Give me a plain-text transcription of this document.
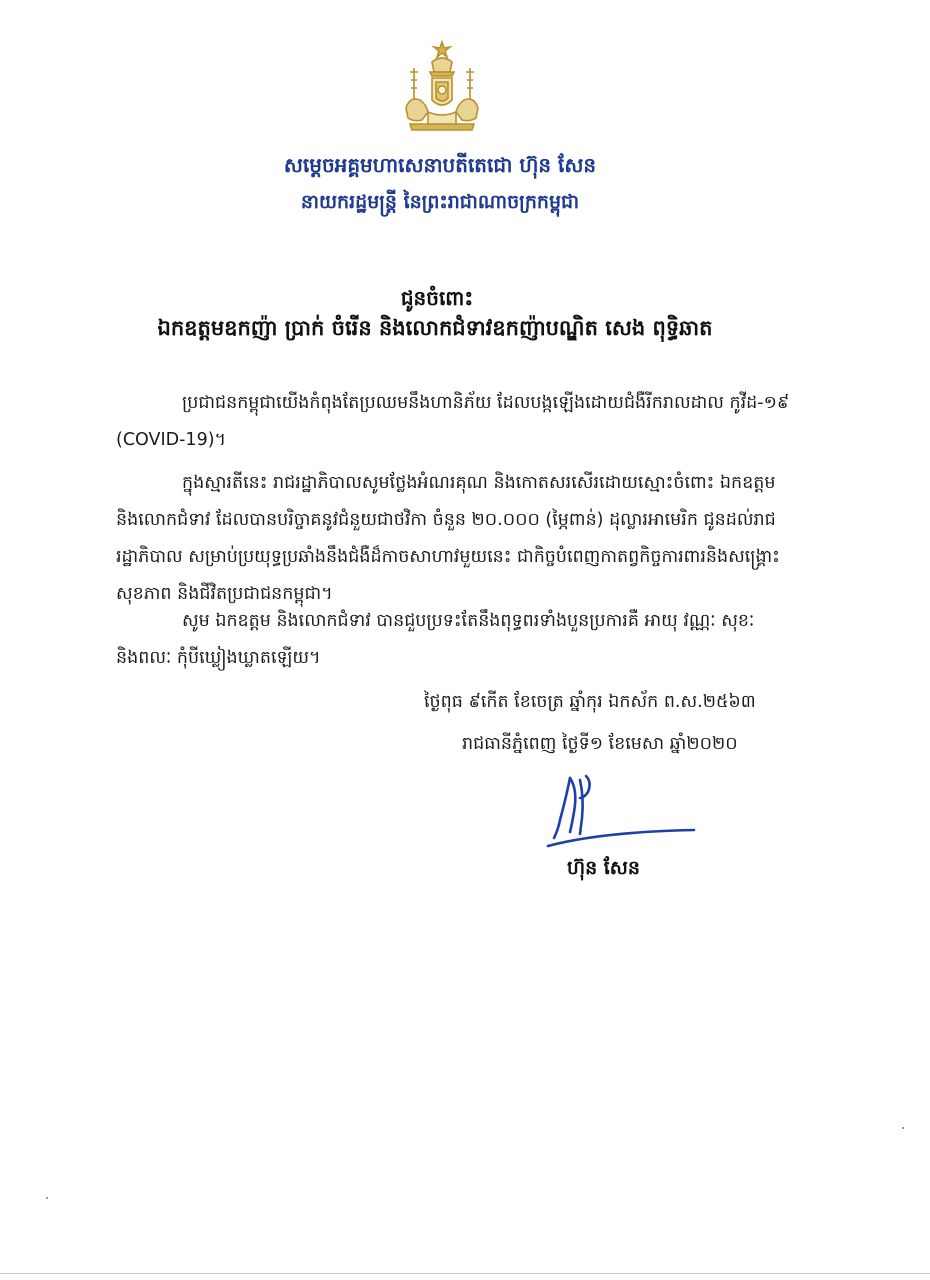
សម្តេចអគ្គមហាសេនាបតីតេជោ ហ៊ុន សែន
នាយករដ្ឋមន្ត្រី នៃព្រះរាជាណាចក្រកម្ពុជា
ជូនចំពោះ
ឯកឧត្តមឧកញ៉ា ប្រាក់ ចំរើន និងលោកជំទាវឧកញ៉ាបណ្ឌិត សេង ពុទ្ធិឆាត
ប្រជាជនកម្ពុជាយើងកំពុងតែប្រឈមនឹងហានិភ័យ ដែលបង្កឡើងដោយជំងឺរីករាលដាល កូវីដ-១៩ (COVID-19)។
ក្នុងស្មារតីនេះ រាជរដ្ឋាភិបាលសូមថ្លែងអំណរគុណ និងកោតសរសើរដោយស្មោះចំពោះ ឯកឧត្តម និងលោកជំទាវ ដែលបានបរិច្ចាគនូវជំនួយជាថវិកា ចំនួន ២០.០០០ (ម្ភៃពាន់) ដុល្លារអាមេរិក ជូនដល់រាជរដ្ឋាភិបាល សម្រាប់ប្រយុទ្ធប្រឆាំងនឹងជំងឺដ៏កាចសាហាវមួយនេះ ជាកិច្ចបំពេញកាតព្វកិច្ចការពារនិងសង្គ្រោះសុខភាព និងជីវិតប្រជាជនកម្ពុជា។
សូម ឯកឧត្តម និងលោកជំទាវ បានជួបប្រទះតែនឹងពុទ្ធពរទាំងបួនប្រការគឺ អាយុ វណ្ណៈ សុខៈ និងពលៈ កុំបីឃ្លៀងឃ្លាតឡើយ។
ថ្ងៃពុធ ៩កើត ខែចេត្រ ឆ្នាំកុរ ឯកស័ក ព.ស.២៥៦៣
រាជធានីភ្នំពេញ ថ្ងៃទី១ ខែមេសា ឆ្នាំ២០២០
ហ៊ុន សែន
